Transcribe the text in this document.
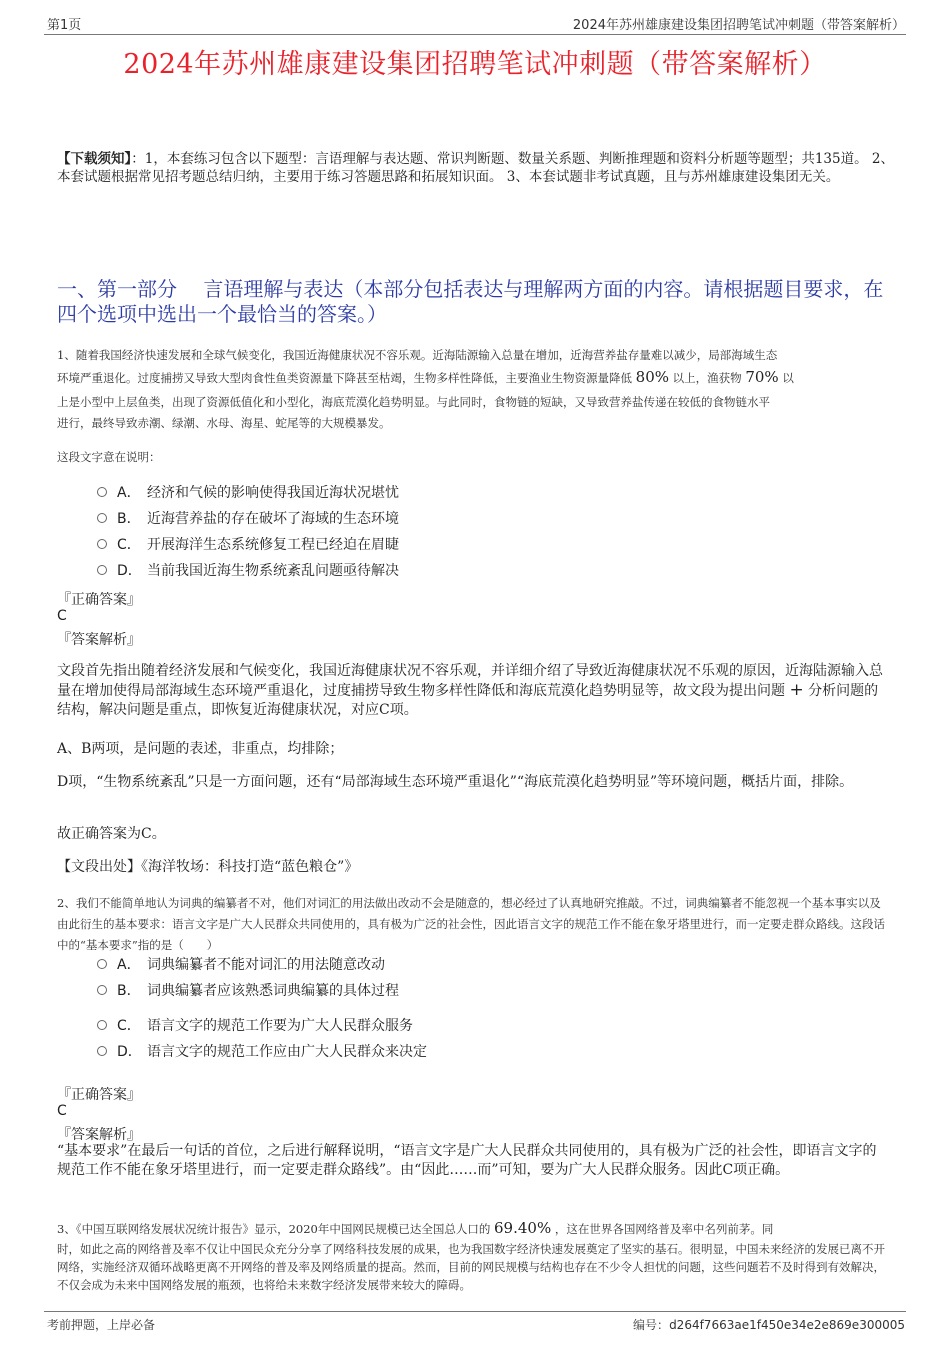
第1页	2024年苏州雄康建设集团招聘笔试冲刺题（带答案解析）
2024年苏州雄康建设集团招聘笔试冲刺题（带答案解析）
【下载须知】：1，本套练习包含以下题型：言语理解与表达题、常识判断题、数量关系题、判断推理题和资料分析题等题型；共135道。 2、本套试题根据常见招考题总结归纳，主要用于练习答题思路和拓展知识面。 3、本套试题非考试真题，且与苏州雄康建设集团无关。
一、第一部分　 言语理解与表达（本部分包括表达与理解两方面的内容。请根据题目要求，在四个选项中选出一个最恰当的答案。）
1、随着我国经济快速发展和全球气候变化，我国近海健康状况不容乐观。近海陆源输入总量在增加，近海营养盐存量难以减少，局部海域生态
环境严重退化。过度捕捞又导致大型肉食性鱼类资源量下降甚至枯竭，生物多样性降低，主要渔业生物资源量降低 80% 以上，渔获物 70% 以
上是小型中上层鱼类，出现了资源低值化和小型化，海底荒漠化趋势明显。与此同时，食物链的短缺，又导致营养盐传递在较低的食物链水平
进行，最终导致赤潮、绿潮、水母、海星、蛇尾等的大规模暴发。
这段文字意在说明：
A． 经济和气候的影响使得我国近海状况堪忧
B． 近海营养盐的存在破坏了海域的生态环境
C． 开展海洋生态系统修复工程已经迫在眉睫
D． 当前我国近海生物系统紊乱问题亟待解决
『正确答案』
C
『答案解析』
文段首先指出随着经济发展和气候变化，我国近海健康状况不容乐观，并详细介绍了导致近海健康状况不乐观的原因，近海陆源输入总量在增加使得局部海域生态环境严重退化，过度捕捞导致生物多样性降低和海底荒漠化趋势明显等，故文段为提出问题 + 分析问题的结构，解决问题是重点，即恢复近海健康状况，对应C项。
A、B两项，是问题的表述，非重点，均排除；
D项，“生物系统紊乱”只是一方面问题，还有“局部海域生态环境严重退化”“海底荒漠化趋势明显”等环境问题，概括片面，排除。
故正确答案为C。
【文段出处】《海洋牧场：科技打造“蓝色粮仓”》
2、我们不能简单地认为词典的编纂者不对，他们对词汇的用法做出改动不会是随意的，想必经过了认真地研究推敲。不过，词典编纂者不能忽视一个基本事实以及由此衍生的基本要求：语言文字是广大人民群众共同使用的，具有极为广泛的社会性，因此语言文字的规范工作不能在象牙塔里进行，而一定要走群众路线。这段话中的“基本要求”指的是（　　）
A． 词典编纂者不能对词汇的用法随意改动
B． 词典编纂者应该熟悉词典编纂的具体过程
C． 语言文字的规范工作要为广大人民群众服务
D． 语言文字的规范工作应由广大人民群众来决定
『正确答案』
C
『答案解析』
“基本要求”在最后一句话的首位，之后进行解释说明，“语言文字是广大人民群众共同使用的，具有极为广泛的社会性，即语言文字的规范工作不能在象牙塔里进行，而一定要走群众路线”。由“因此……而”可知，要为广大人民群众服务。因此C项正确。
3、《中国互联网络发展状况统计报告》显示，2020年中国网民规模已达全国总人口的 69.40% ，这在世界各国网络普及率中名列前茅。同
时，如此之高的网络普及率不仅让中国民众充分分享了网络科技发展的成果，也为我国数字经济快速发展奠定了坚实的基石。很明显，中国未来经济的发展已离不开网络，实施经济双循环战略更离不开网络的普及率及网络质量的提高。然而，目前的网民规模与结构也存在不少令人担忧的问题，这些问题若不及时得到有效解决，不仅会成为未来中国网络发展的瓶颈，也将给未来数字经济发展带来较大的障碍。
考前押题，上岸必备	编号：d264f7663ae1f450e34e2e869e300005
